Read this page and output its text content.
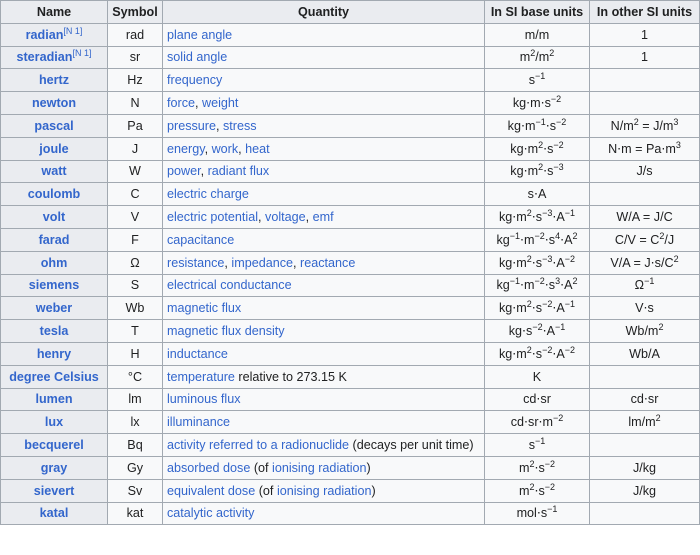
Name	Symbol	Quantity	In SI base units	In other SI units
radian[N 1]	rad	plane angle	m/m	1
steradian[N 1]	sr	solid angle	$m^2/m^2$	1
hertz	Hz	frequency	$s^{-1}$	
newton	N	force, weight	$kg\cdot m\cdot s^{-2}$	
pascal	Pa	pressure, stress	$kg\cdot m^{-1}\cdot s^{-2}$	$N/m^2 = J/m^3$
joule	J	energy, work, heat	$kg\cdot m^2\cdot s^{-2}$	$N\cdot m = Pa\cdot m^3$
watt	W	power, radiant flux	$kg\cdot m^2\cdot s^{-3}$	J/s
coulomb	C	electric charge	s⋅A	
volt	V	electric potential, voltage, emf	$kg\cdot m^2\cdot s^{-3}\cdot A^{-1}$	W/A = J/C
farad	F	capacitance	$kg^{-1}\cdot m^{-2}\cdot s^4\cdot A^2$	$C/V = C^2/J$
ohm	Ω	resistance, impedance, reactance	$kg\cdot m^2\cdot s^{-3}\cdot A^{-2}$	$V/A = J\cdot s/C^2$
siemens	S	electrical conductance	$kg^{-1}\cdot m^{-2}\cdot s^3\cdot A^2$	$\Omega^{-1}$
weber	Wb	magnetic flux	$kg\cdot m^2\cdot s^{-2}\cdot A^{-1}$	V⋅s
tesla	T	magnetic flux density	$kg\cdot s^{-2}\cdot A^{-1}$	$Wb/m^2$
henry	H	inductance	$kg\cdot m^2\cdot s^{-2}\cdot A^{-2}$	Wb/A
degree Celsius	°C	temperature relative to 273.15 K	K	
lumen	lm	luminous flux	cd⋅sr	cd⋅sr
lux	lx	illuminance	$cd\cdot sr\cdot m^{-2}$	$lm/m^2$
becquerel	Bq	activity referred to a radionuclide (decays per unit time)	$s^{-1}$	
gray	Gy	absorbed dose (of ionising radiation)	$m^2\cdot s^{-2}$	J/kg
sievert	Sv	equivalent dose (of ionising radiation)	$m^2\cdot s^{-2}$	J/kg
katal	kat	catalytic activity	$mol\cdot s^{-1}$	
